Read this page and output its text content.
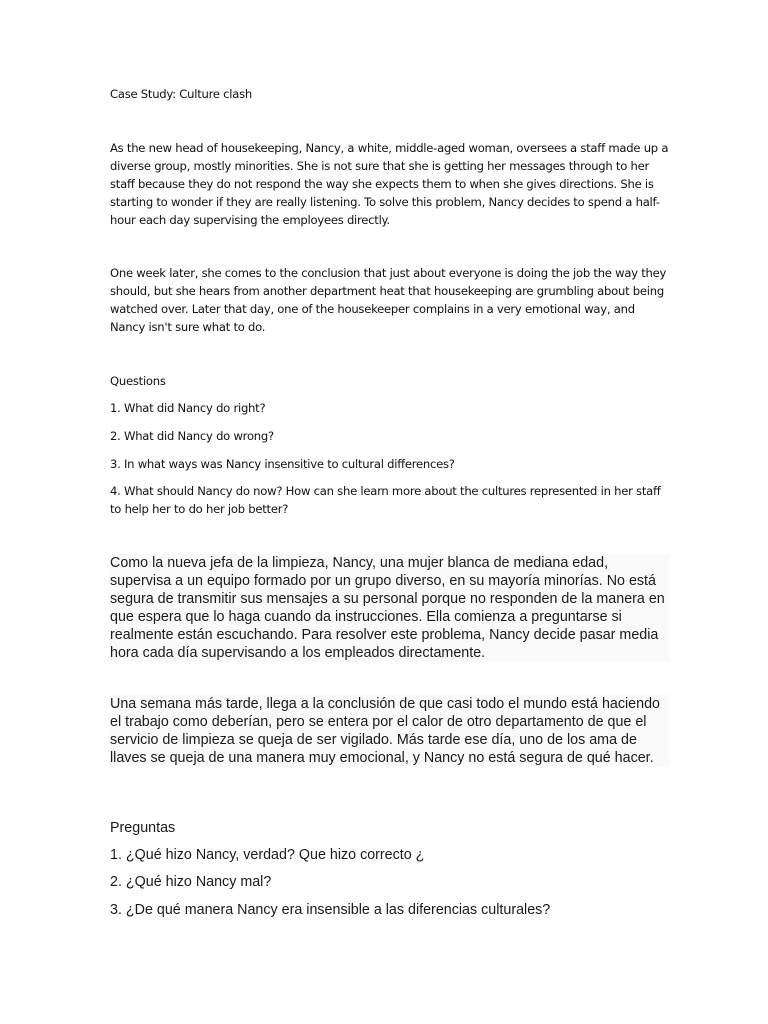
Case Study: Culture clash

As the new head of housekeeping, Nancy, a white, middle-aged woman, oversees a staff made up a diverse group, mostly minorities. She is not sure that she is getting her messages through to her staff because they do not respond the way she expects them to when she gives directions. She is starting to wonder if they are really listening. To solve this problem, Nancy decides to spend a half-hour each day supervising the employees directly.

One week later, she comes to the conclusion that just about everyone is doing the job the way they should, but she hears from another department heat that housekeeping are grumbling about being watched over. Later that day, one of the housekeeper complains in a very emotional way, and Nancy isn't sure what to do.

Questions

1. What did Nancy do right?

2. What did Nancy do wrong?

3. In what ways was Nancy insensitive to cultural differences?

4. What should Nancy do now? How can she learn more about the cultures represented in her staff to help her to do her job better?

Como la nueva jefa de la limpieza, Nancy, una mujer blanca de mediana edad, supervisa a un equipo formado por un grupo diverso, en su mayoría minorías. No está segura de transmitir sus mensajes a su personal porque no responden de la manera en que espera que lo haga cuando da instrucciones. Ella comienza a preguntarse si realmente están escuchando. Para resolver este problema, Nancy decide pasar media hora cada día supervisando a los empleados directamente.

Una semana más tarde, llega a la conclusión de que casi todo el mundo está haciendo el trabajo como deberían, pero se entera por el calor de otro departamento de que el servicio de limpieza se queja de ser vigilado. Más tarde ese día, uno de los ama de llaves se queja de una manera muy emocional, y Nancy no está segura de qué hacer.

Preguntas

1. ¿Qué hizo Nancy, verdad? Que hizo correcto ¿

2. ¿Qué hizo Nancy mal?

3. ¿De qué manera Nancy era insensible a las diferencias culturales?
